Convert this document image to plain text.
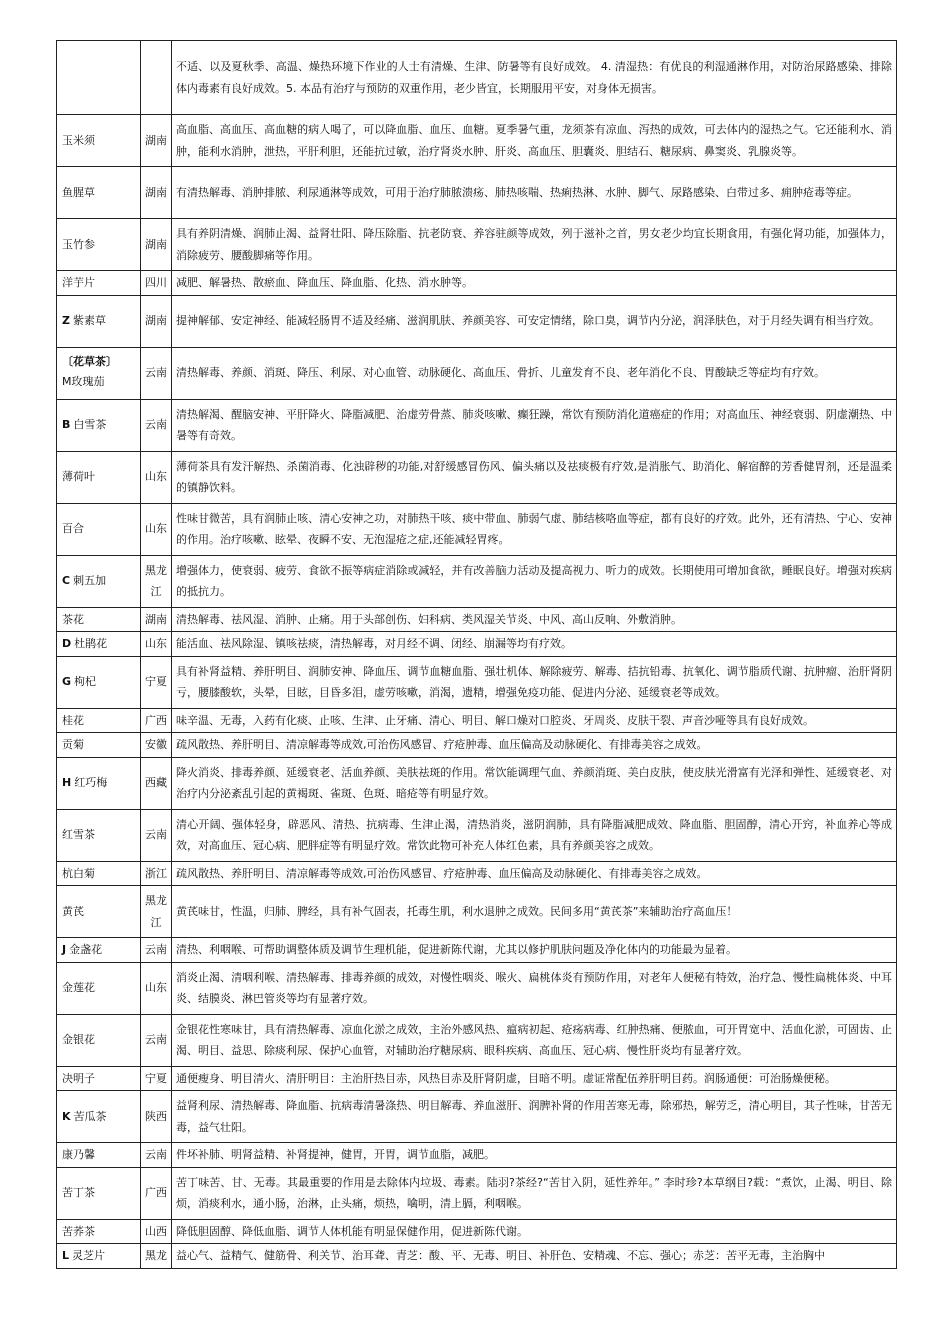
		不适、以及夏秋季、高温、燥热环境下作业的人士有清燥、生津、防暑等有良好成效。 4. 清湿热：有优良的利湿通淋作用，对防治尿路感染、排除体内毒素有良好成效。5. 本品有治疗与预防的双重作用，老少皆宜，长期服用平安，对身体无损害。
玉米须	湖南	高血脂、高血压、高血糖的病人喝了，可以降血脂、血压、血糖。夏季暑气重，龙须茶有凉血、泻热的成效，可去体内的湿热之气。它还能利水、消肿，能利水消肿，泄热，平肝利胆，还能抗过敏，治疗肾炎水肿、肝炎、高血压、胆囊炎、胆结石、糖尿病、鼻窦炎、乳腺炎等。
鱼腥草	湖南	有清热解毒、消肿排脓、利尿通淋等成效，可用于治疗肺脓溃疡、肺热咳喘、热痢热淋、水肿、脚气、尿路感染、白带过多、痈肿疮毒等症。
玉竹参	湖南	具有养阴清燥、润肺止渴、益肾壮阳、降压除脂、抗老防衰、养容驻颜等成效，列于滋补之首，男女老少均宜长期食用，有强化肾功能，加强体力，消除疲劳、腰酸脚痛等作用。
洋芋片	四川	减肥、解暑热、散瘀血、降血压、降血脂、化热、消水肿等。
Z 紫素草	湖南	提神解郁、安定神经、能减轻肠胃不适及经痛、滋润肌肤、养颜美容、可安定情绪，除口臭，调节内分泌，润泽肤色，对于月经失调有相当疗效。

〔花草茶〕
M玫瑰茄	云南	清热解毒、养颜、消斑、降压、利尿、对心血管、动脉硬化、高血压、骨折、儿童发育不良、老年消化不良、胃酸缺乏等症均有疗效。
B 白雪茶	云南	清热解渴、醒脑安神、平肝降火、降脂减肥、治虚劳骨蒸、肺炎咳嗽、癫狂躁，常饮有预防消化道癌症的作用；对高血压、神经衰弱、阴虚潮热、中暑等有奇效。
薄荷叶	山东	薄荷茶具有发汗解热、杀菌消毒、化浊辟秽的功能,对舒缓感冒伤风、偏头痛以及祛痰极有疗效,是消胀气、助消化、解宿醉的芳香健胃剂，还是温柔的镇静饮料。
百合	山东	性味甘微苦，具有润肺止咳、清心安神之功，对肺热干咳、痰中带血、肺弱气虚、肺结核咯血等症，都有良好的疗效。此外，还有清热、宁心、安神的作用。治疗咳嗽、眩晕、夜瞬不安、无泡湿疮之症,还能减轻胃疼。
C 刺五加	黑龙江	增强体力，使衰弱、疲劳、食欲不振等病症消除或减轻，并有改善脑力活动及提高视力、听力的成效。长期使用可增加食欲，睡眠良好。增强对疾病的抵抗力。
茶花	湖南	清热解毒、祛风湿、消肿、止痛。用于头部创伤、妇科病、类风湿关节炎、中风、高山反响、外敷消肿。
D 杜鹃花	山东	能活血、祛风除湿、镇咳祛痰，清热解毒，对月经不调、闭经、崩漏等均有疗效。
G 枸杞	宁夏	具有补肾益精、养肝明目、润肺安神、降血压、调节血糖血脂、强壮机体、解除疲劳、解毒、拮抗铅毒、抗氧化、调节脂质代谢、抗肿瘤、治肝肾阴亏，腰膝酸软，头晕，目眩，目昏多泪，虚劳咳嗽，消渴，遗精，增强免疫功能、促进内分泌、延缓衰老等成效。
桂花	广西	味辛温、无毒，入药有化痰、止咳、生津、止牙痛、清心、明目、解口燥对口腔炎、牙周炎、皮肤干裂、声音沙哑等具有良好成效。
贡菊	安徽	疏风散热、养肝明目、清凉解毒等成效,可治伤风感冒、疗疮肿毒、血压偏高及动脉硬化、有排毒美容之成效。
H 红巧梅	西藏	降火消炎、排毒养颜、延缓衰老、活血养颜、美肤祛斑的作用。常饮能调理气血、养颜消斑、美白皮肤，使皮肤光滑富有光泽和弹性、延缓衰老、对治疗内分泌紊乱引起的黄褐斑、雀斑、色斑、暗疮等有明显疗效。
红雪茶	云南	清心开阔、强体轻身，辟恶风、清热、抗病毒、生津止渴，清热消炎，滋阴润肺，具有降脂减肥成效、降血脂、胆固醇，清心开窍，补血养心等成效，对高血压、冠心病、肥胖症等有明显疗效。常饮此物可补充人体红色素，具有养颜美容之成效。
杭白菊	浙江	疏风散热、养肝明目、清凉解毒等成效,可治伤风感冒、疗疮肿毒、血压偏高及动脉硬化、有排毒美容之成效。
黄芪	黑龙江	黄芪味甘，性温，归肺、脾经，具有补气固表，托毒生肌，利水退肿之成效。民间多用“黄芪茶”来辅助治疗高血压！
J 金盏花	云南	清热、利咽喉、可帮助调整体质及调节生理机能，促进新陈代谢，尤其以修护肌肤问题及净化体内的功能最为显着。
金莲花	山东	消炎止渴、清咽利喉、清热解毒、排毒养颜的成效，对慢性咽炎、喉火、扁桃体炎有预防作用，对老年人便秘有特效，治疗急、慢性扁桃体炎、中耳炎、结膜炎、淋巴管炎等均有显著疗效。
金银花	云南	金银花性寒味甘，具有清热解毒、凉血化淤之成效，主治外感风热、瘟病初起、疮疡病毒、红肿热痛、便脓血，可开胃宽中、活血化淤，可固齿、止渴、明目、益思、除痰利尿、保护心血管，对辅助治疗糖尿病、眼科疾病、高血压、冠心病、慢性肝炎均有显著疗效。
决明子	宁夏	通便瘦身、明目清火、清肝明目：主治肝热目赤，风热目赤及肝肾阴虚，目暗不明。虚证常配伍养肝明目药。润肠通便：可治肠燥便秘。
K 苦瓜茶	陕西	益肾利尿、清热解毒、降血脂、抗病毒清暑涤热、明目解毒、养血滋肝、润脾补肾的作用苦寒无毒，除邪热，解劳乏，清心明目，其子性味，甘苦无毒，益气壮阳。
康乃馨	云南	件坏补肺、明肾益精、补肾提神，健胃，开胃，调节血脂，减肥。
苦丁茶	广西	苦丁味苦、甘、无毒。其最重要的作用是去除体内垃圾、毒素。陆羽?茶经?“苦甘入阴，延性养年。” 李时珍?本草纲目?载：“煮饮，止渴、明目、除烦，消痰利水，通小肠，治淋，止头痛，烦热，噙明，清上膈，利咽喉。
苦荞茶	山西	降低胆固醇、降低血脂、调节人体机能有明显保健作用，促进新陈代谢。
L 灵芝片	黑龙	益心气、益精气、健筋骨、利关节、治耳聋、青芝：酸、平、无毒、明目、补肝色、安精魂、不忘、强心；赤芝：苦平无毒，主治胸中
